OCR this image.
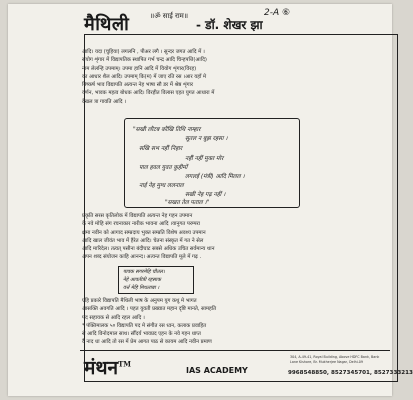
2-A ⑥
मैथिली	॥ॐ साई राम॥
- डॉ. शेखर झा
आदि। यदा (चुहिया) लगलनि , पीअर लगै । सुन्दर जगत आदि में ।
संयोग शृंगार में विद्यापतिक स्थापित गर्भ चन्द्र आदि चिन्हपत्ति(आदि)
नाम लेलन्हि उपमाम्। उपमा हानि आदि में वियोग शृंगार(विरह)
का आधार शैल आदि। उपमाम् कि(म) में जाए रति रस ।आर यहाँ मे
निष्कर्ष भाव विद्यापति अत्यन्त नेह भाषा सौ डर में श्रेष्ठ शृंगार
वर्णन, भावक महत्व बोधक आदि। विरहीत विलास एहत युगत आधारा में
देखल त्रा गावति आदि ।
"सखी लौटब कौखि तिथि नाम्हार
सूतल न बुझ रहसा ।
सखि सभ नहीं निहार
नहीं नहीं मुक्त मोर
पाल हवल युवत कुहीमों
लगलई (मंत्री) आदि मिलल ।
नाई नेह मुग्ध ललनाल
सखी नेह गढ़ नहीं ।
"सखत तेल पताल ।"
प्रकृति सरस कृतिलोक में विद्यापति अत्यन्त नेह गहन उपमान
के नवे मोहि संग रचनाकार नारीक भावना आदि ।यानुगत परम्परा
क्षमा नवीन को आगाद सम्प्रदाय भुक्त सम्प्रति विशेष अवश्य उपमान
आदि खाल जीवंत भाव में हैरेत आदि। चेतना संस्कृत में गत ने सेल
आदि मारिदेल। तत्वत् पसीना बंदीघाट सबसे अधिक उचित सर्वमान्य थान
अपन शब्द संयोजन काहि आनन्द। अत्यन्त विद्यापति मूले में गढ़ .
पावक सगरमेहि चौतल।
नेहे आवतीत्री रहसाक
वर्त्त मेहि मिथलाबा ।
एहि प्रकारे विद्यापति मैथिली भाष के अनुपम युग कथु मे भागत
आसक्ति अवगति आदि । पहत युवती प्रख्यात महान दृष्टि मानते, सामहति
पद सहायक से आदि रहल आदि ।
* पंक्तिमालक ५० विद्यापति पद मे संगीत रस ध्वन, कलाक प्रवाहित
से आदि विनोदमाल साथ। सौँदर्य भावप्रद एहन के नवे गहन धाप्त
दै नाद धा आदि तो रस में प्रेम आगत पाठ से कायम आदि नवीन प्रमाण
मंथन™
IAS ACADEMY
304, A-49-41, Royal Building, Above HDFC Bank, Bank Lane Kishore, Br. Mukherjee Nagar, Delhi-09
9968548850, 8527345701, 8527333213
